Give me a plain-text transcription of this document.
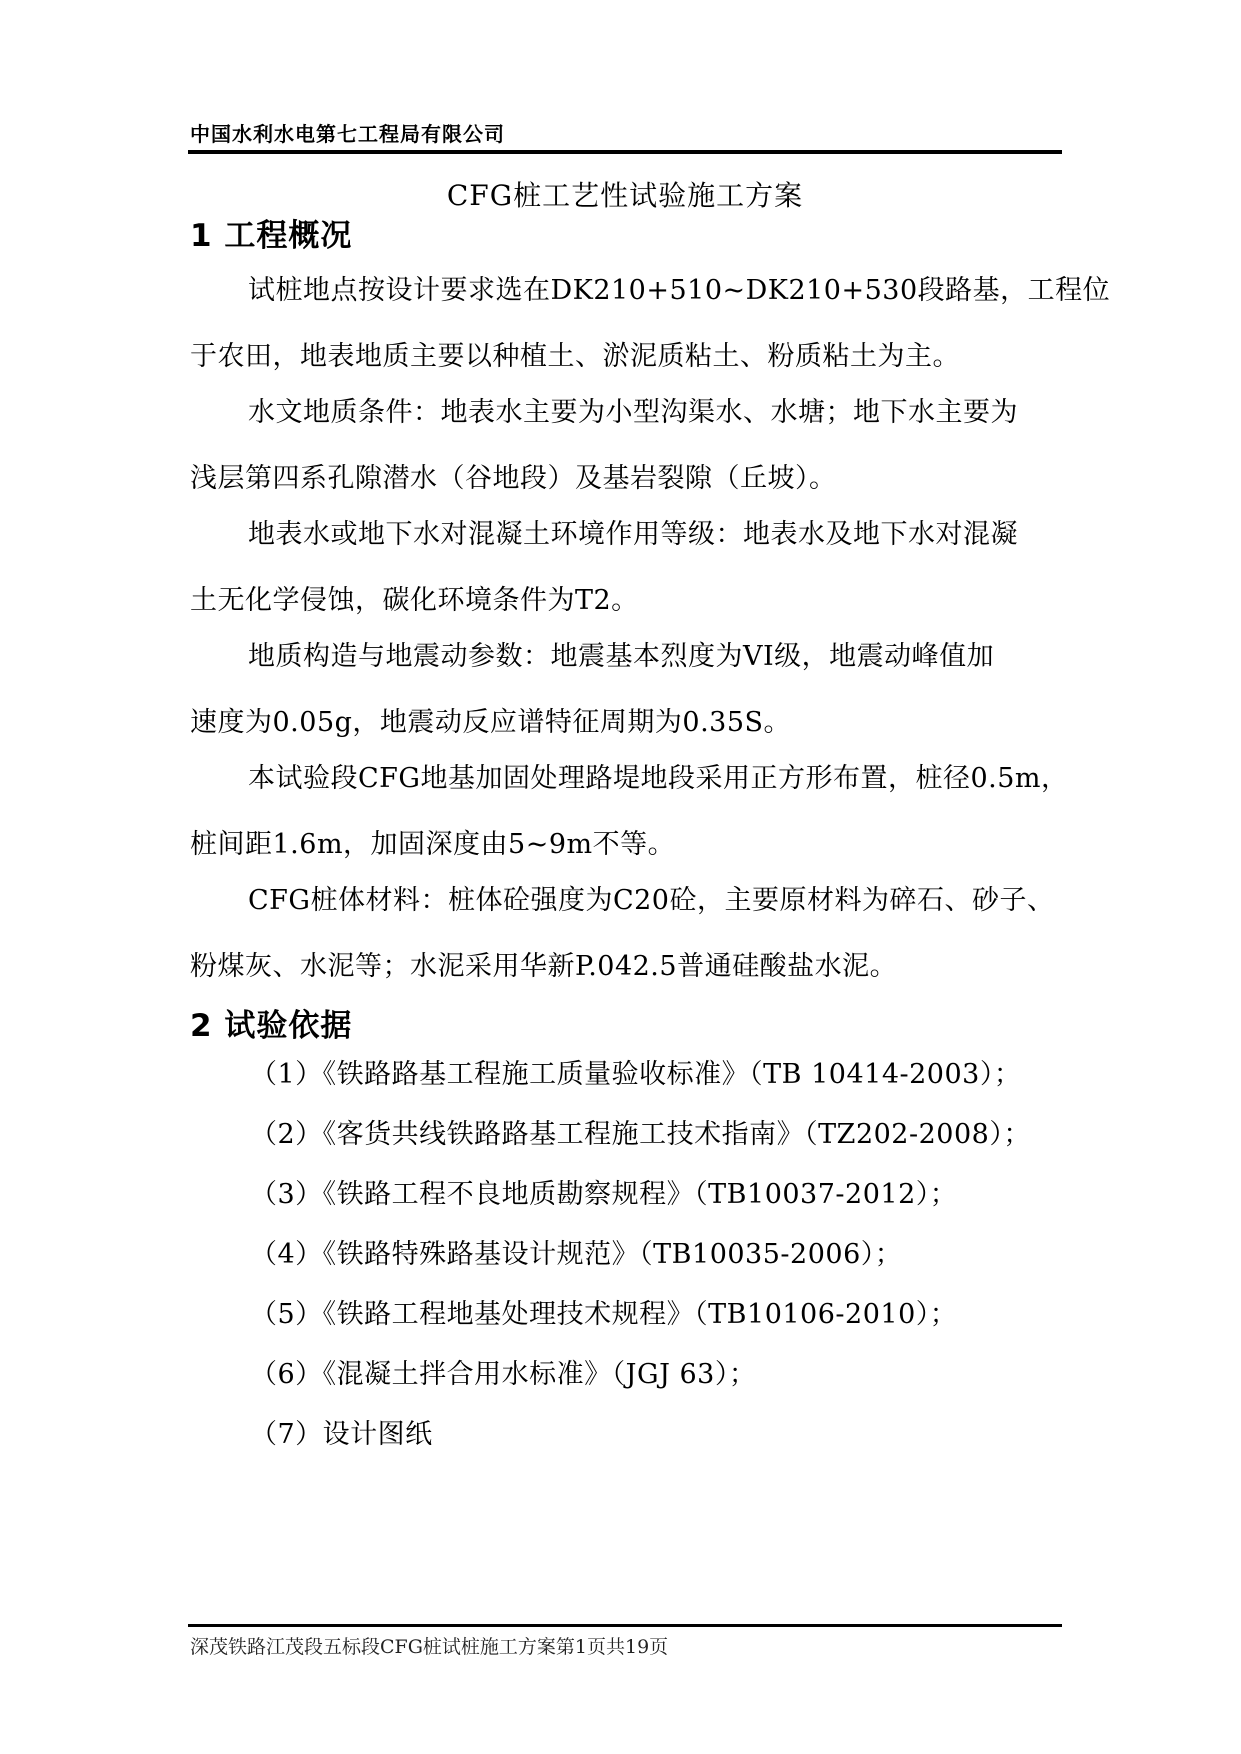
中国水利水电第七工程局有限公司
CFG桩工艺性试验施工方案
1 工程概况
试桩地点按设计要求选在DK210+510~DK210+530段路基，工程位
于农田，地表地质主要以种植土、淤泥质粘土、粉质粘土为主。
水文地质条件：地表水主要为小型沟渠水、水塘；地下水主要为
浅层第四系孔隙潜水（谷地段）及基岩裂隙（丘坡）。
地表水或地下水对混凝土环境作用等级：地表水及地下水对混凝
土无化学侵蚀，碳化环境条件为T2。
地质构造与地震动参数：地震基本烈度为VI级，地震动峰值加
速度为0.05g，地震动反应谱特征周期为0.35S。
本试验段CFG地基加固处理路堤地段采用正方形布置，桩径0.5m，
桩间距1.6m，加固深度由5~9m不等。
CFG桩体材料：桩体砼强度为C20砼，主要原材料为碎石、砂子、
粉煤灰、水泥等；水泥采用华新P.042.5普通硅酸盐水泥。
2 试验依据
（1）《铁路路基工程施工质量验收标准》（TB 10414-2003）；
（2）《客货共线铁路路基工程施工技术指南》（TZ202-2008）；
（3）《铁路工程不良地质勘察规程》（TB10037-2012）；
（4）《铁路特殊路基设计规范》（TB10035-2006）；
（5）《铁路工程地基处理技术规程》（TB10106-2010）；
（6）《混凝土拌合用水标准》（JGJ 63）；
（7）设计图纸
深茂铁路江茂段五标段CFG桩试桩施工方案第1页共19页
